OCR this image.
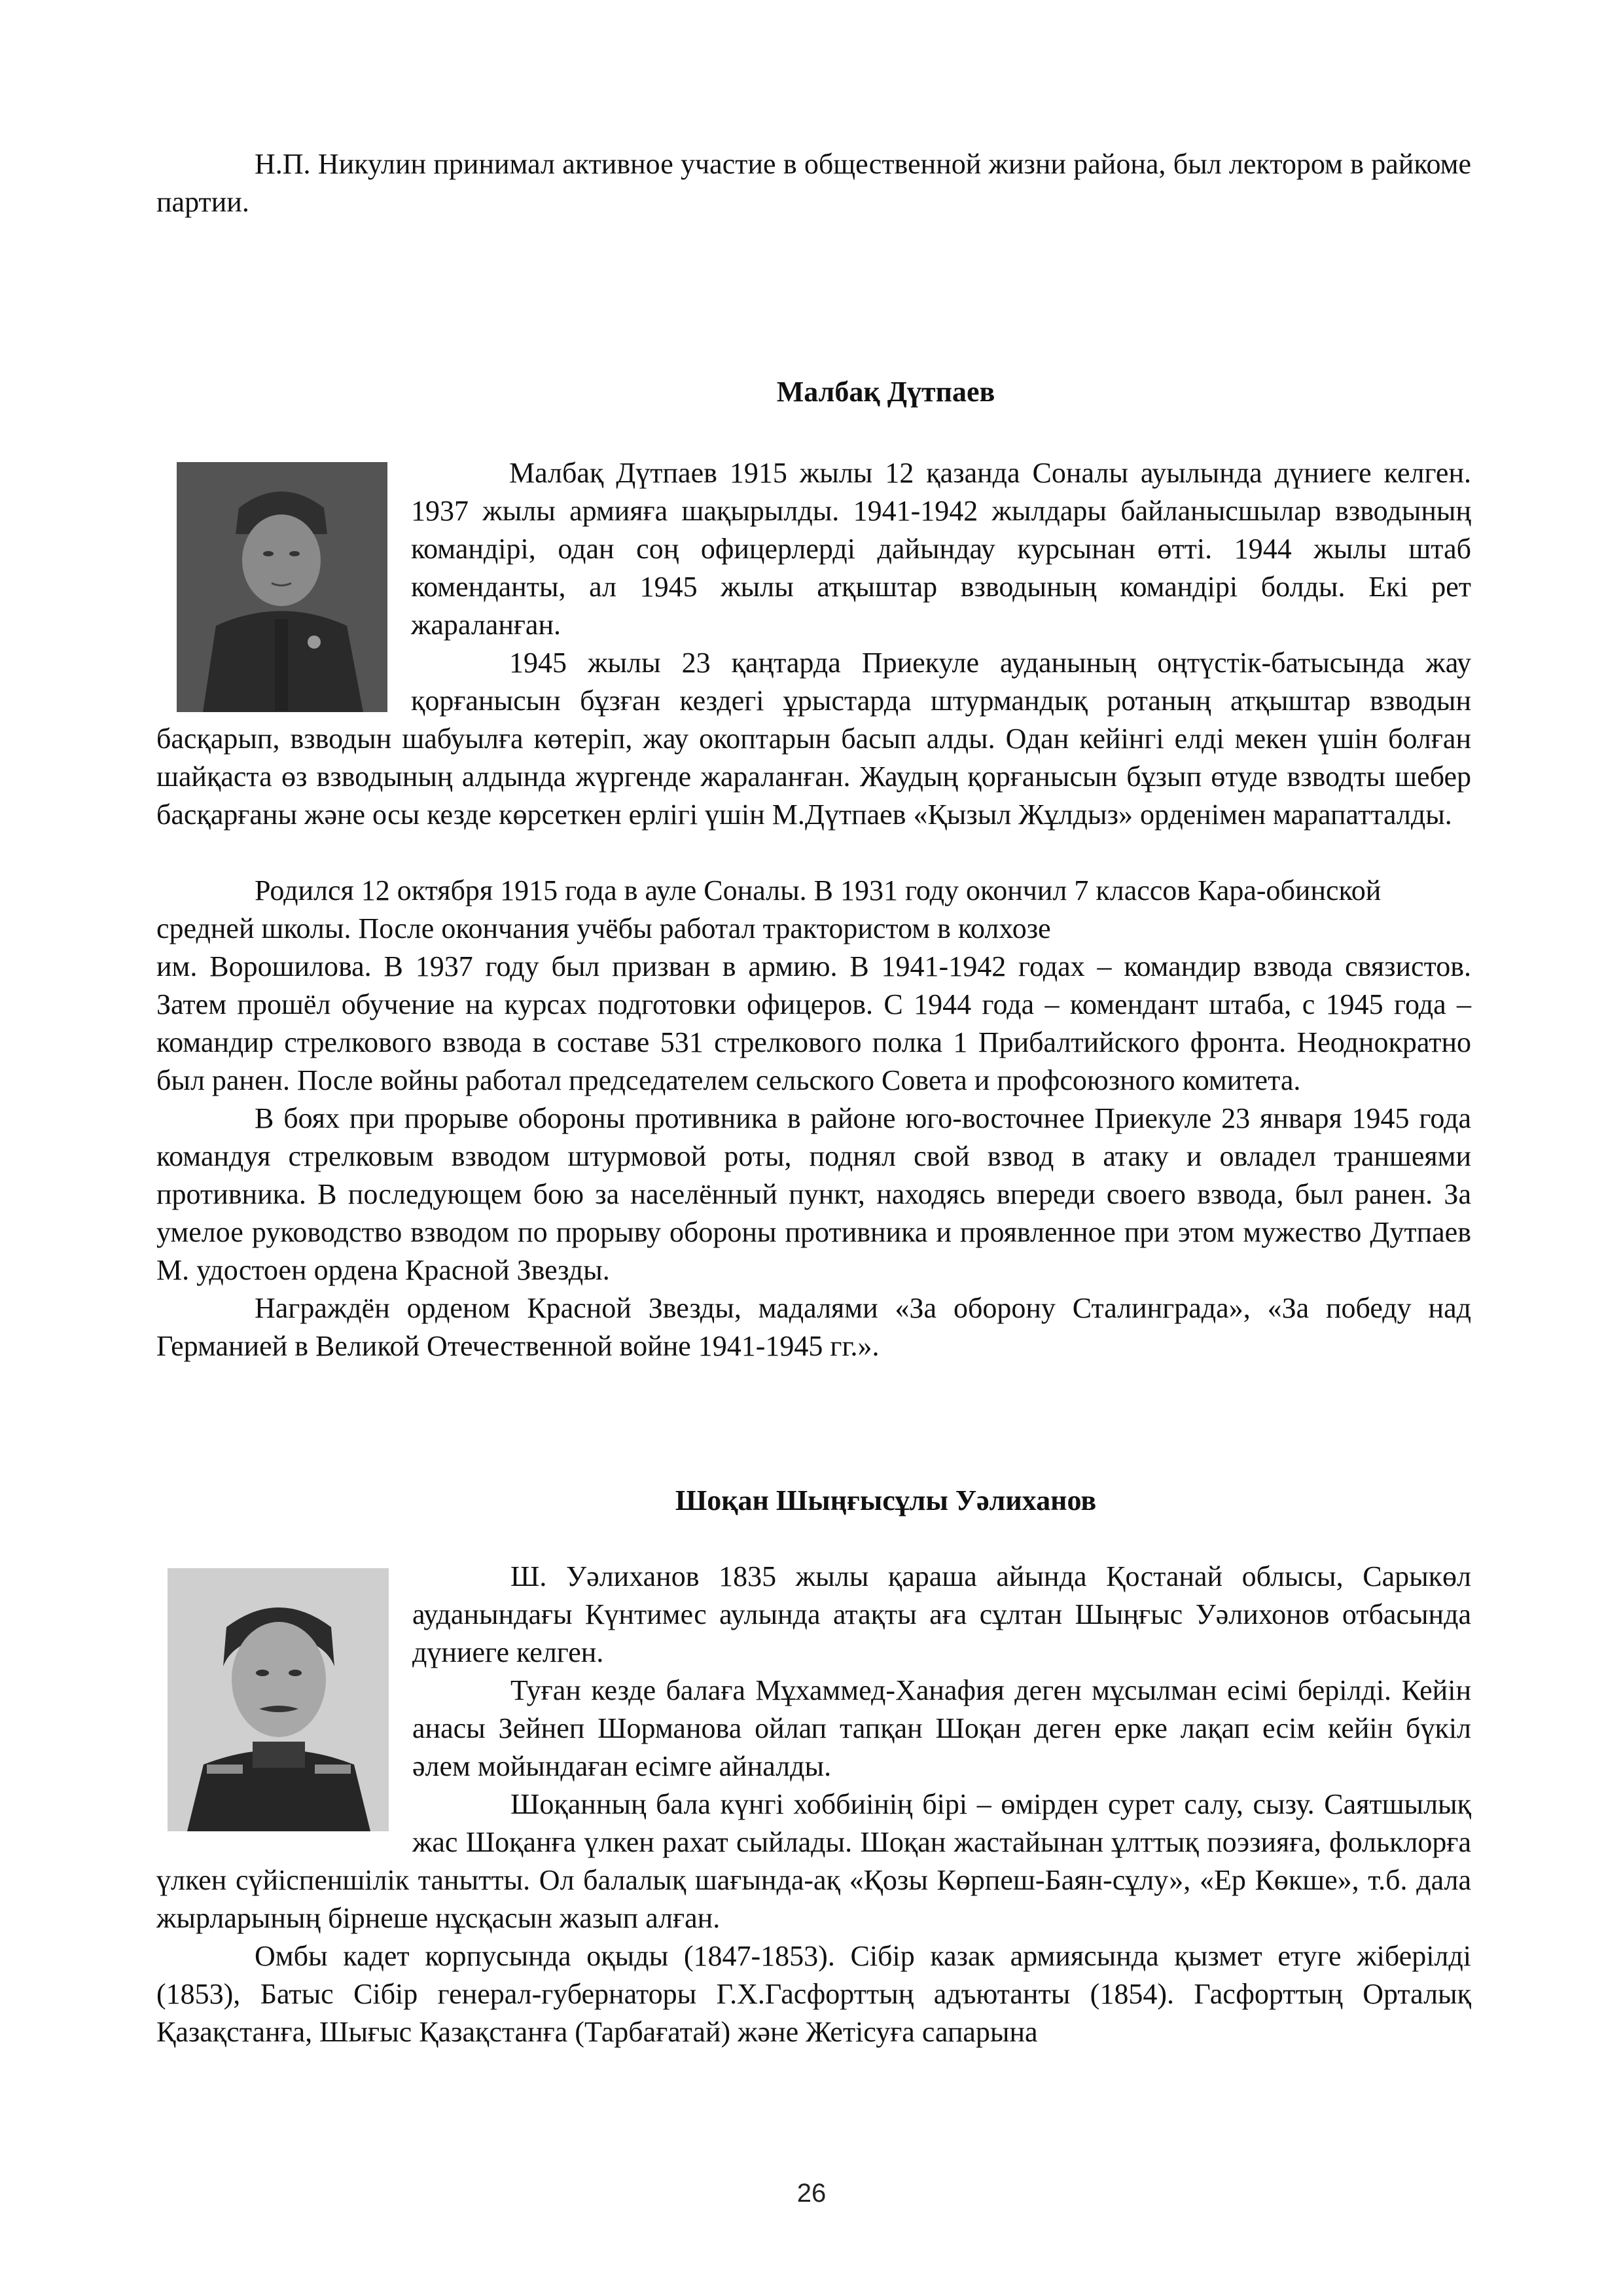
Н.П. Никулин принимал активное участие в общественной жизни района, был лектором в райкоме партии.

Малбақ Дүтпаев

Малбақ Дүтпаев 1915 жылы 12 қазанда Соналы ауылында дүниеге келген. 1937 жылы армияға шақырылды. 1941-1942 жылдары байланысшылар взводының командірі, одан соң офицерлерді дайындау курсынан өтті. 1944 жылы штаб коменданты, ал 1945 жылы атқыштар взводының командірі болды. Екі рет жараланған.

1945 жылы 23 қаңтарда Приекуле ауданының оңтүстік-батысында жау қорғанысын бұзған кездегі ұрыстарда штурмандық ротаның атқыштар взводын басқарып, взводын шабуылға көтеріп, жау окоптарын басып алды. Одан кейінгі елді мекен үшін болған шайқаста өз взводының алдында жүргенде жараланған. Жаудың қорғанысын бұзып өтуде взводты шебер басқарғаны және осы кезде көрсеткен ерлігі үшін М.Дүтпаев «Қызыл Жұлдыз» орденімен марапатталды.

Родился 12 октября 1915 года в ауле Соналы. В 1931 году окончил 7 классов Кара-обинской средней школы. После окончания учёбы работал трактористом в колхозе

им. Ворошилова. В 1937 году был призван в армию. В 1941-1942 годах – командир взвода связистов. Затем прошёл обучение на курсах подготовки офицеров. С 1944 года – комендант штаба, с 1945 года – командир стрелкового взвода в составе 531 стрелкового полка 1 Прибалтийского фронта. Неоднократно был ранен. После войны работал председателем сельского Совета и профсоюзного комитета.

В боях при прорыве обороны противника в районе юго-восточнее Приекуле 23 января 1945 года командуя стрелковым взводом штурмовой роты, поднял свой взвод в атаку и овладел траншеями противника. В последующем бою за населённый пункт, находясь впереди своего взвода, был ранен. За умелое руководство взводом по прорыву обороны противника и проявленное при этом мужество Дутпаев М. удостоен ордена Красной Звезды.

Награждён орденом Красной Звезды, мадалями «За оборону Сталинграда», «За победу над Германией в Великой Отечественной войне 1941-1945 гг.».

Шоқан Шыңғысұлы Уәлиханов

Ш. Уәлиханов 1835 жылы қараша айында Қостанай облысы, Сарыкөл ауданындағы Күнтимес аулында атақты аға сұлтан Шыңғыс Уәлихонов отбасында дүниеге келген.

Туған кезде балаға Мұхаммед-Ханафия деген мұсылман есімі берілді. Кейін анасы Зейнеп Шорманова ойлап тапқан Шоқан деген ерке лақап есім кейін бүкіл әлем мойындаған есімге айналды.

Шоқанның бала күнгі хоббиінің бірі – өмірден сурет салу, сызу. Саятшылық жас Шоқанға үлкен рахат сыйлады. Шоқан жастайынан ұлттық поэзияға, фольклорға үлкен сүйіспеншілік танытты. Ол балалық шағында-ақ «Қозы Көрпеш-Баян-сұлу», «Ер Көкше», т.б. дала жырларының бірнеше нұсқасын жазып алған.

Омбы кадет корпусында оқыды (1847-1853). Сібір казак армиясында қызмет етуге жіберілді (1853), Батыс Сібір генерал-губернаторы Г.Х.Гасфорттың адъютанты (1854). Гасфорттың Орталық Қазақстанға, Шығыс Қазақстанға (Тарбағатай) және Жетісуға сапарына

26
